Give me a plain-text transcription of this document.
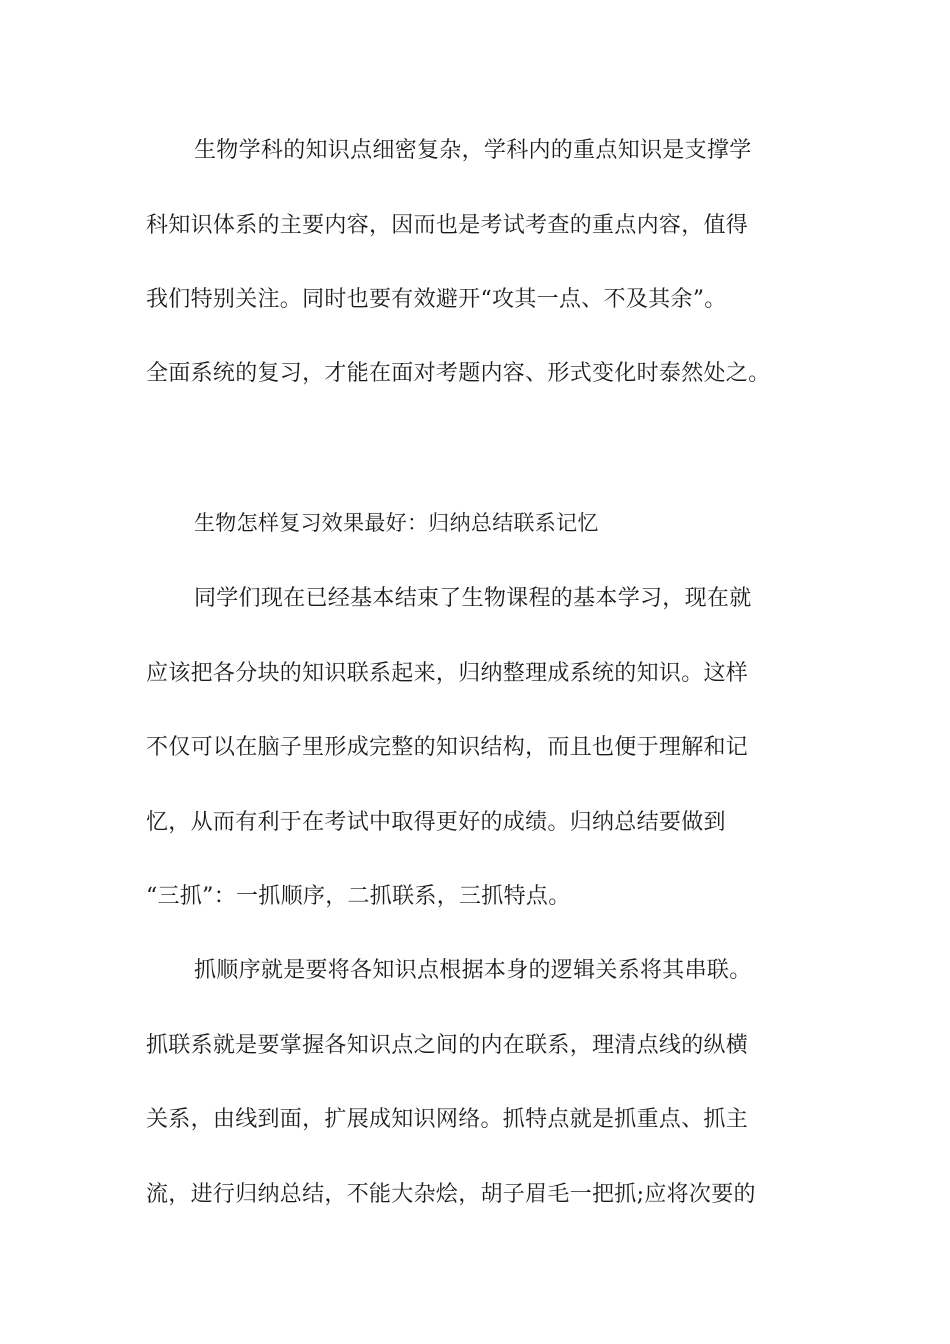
生物学科的知识点细密复杂，学科内的重点知识是支撑学
科知识体系的主要内容，因而也是考试考查的重点内容，值得
我们特别关注。同时也要有效避开“攻其一点、不及其余”。
全面系统的复习，才能在面对考题内容、形式变化时泰然处之。
生物怎样复习效果最好：归纳总结联系记忆
同学们现在已经基本结束了生物课程的基本学习，现在就
应该把各分块的知识联系起来，归纳整理成系统的知识。这样
不仅可以在脑子里形成完整的知识结构，而且也便于理解和记
忆，从而有利于在考试中取得更好的成绩。归纳总结要做到
“三抓”：一抓顺序，二抓联系，三抓特点。
抓顺序就是要将各知识点根据本身的逻辑关系将其串联。
抓联系就是要掌握各知识点之间的内在联系，理清点线的纵横
关系，由线到面，扩展成知识网络。抓特点就是抓重点、抓主
流，进行归纳总结，不能大杂烩，胡子眉毛一把抓;应将次要的
